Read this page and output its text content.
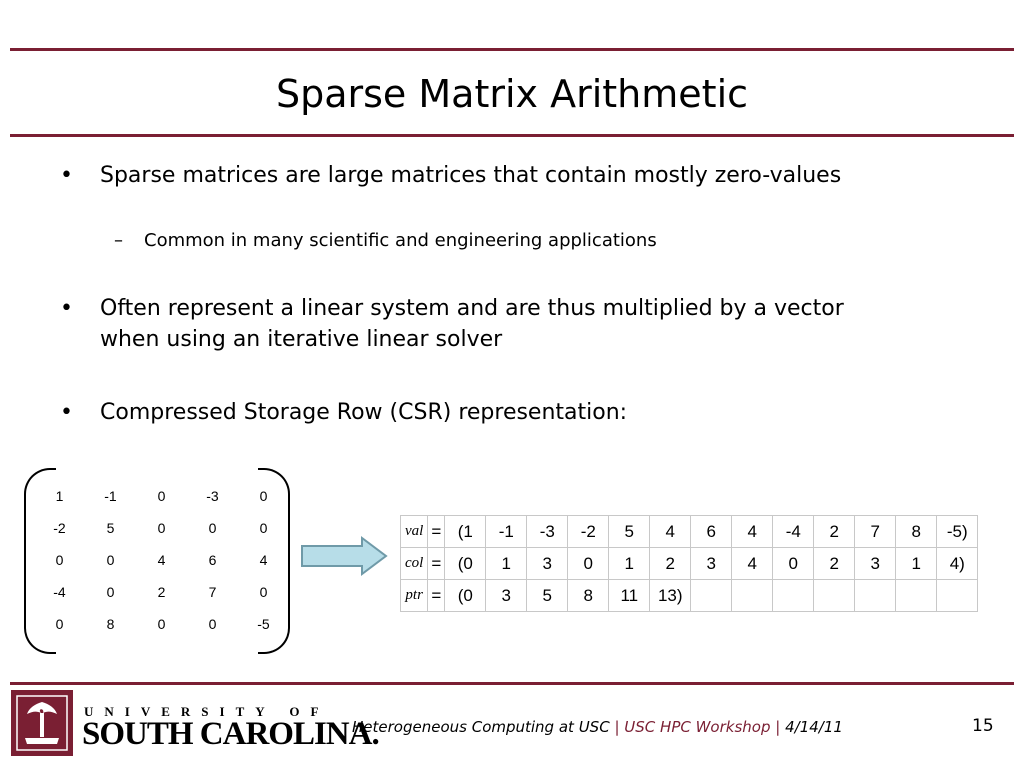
Sparse Matrix Arithmetic
• Sparse matrices are large matrices that contain mostly zero-values
– Common in many scientific and engineering applications
• Often represent a linear system and are thus multiplied by a vector when using an iterative linear solver
• Compressed Storage Row (CSR) representation:
1	-1	0	-3	0
-2	5	0	0	0
0	0	4	6	4
-4	0	2	7	0
0	8	0	0	-5
val	=	(1	-1	-3	-2	5	4	6	4	-4	2	7	8	-5)
col	=	(0	1	3	0	1	2	3	4	0	2	3	1	4)
ptr	=	(0	3	5	8	11	13)							
UNIVERSITY OF
SOUTH CAROLINA.
Heterogeneous Computing at USC | USC HPC Workshop | 4/14/11	15
